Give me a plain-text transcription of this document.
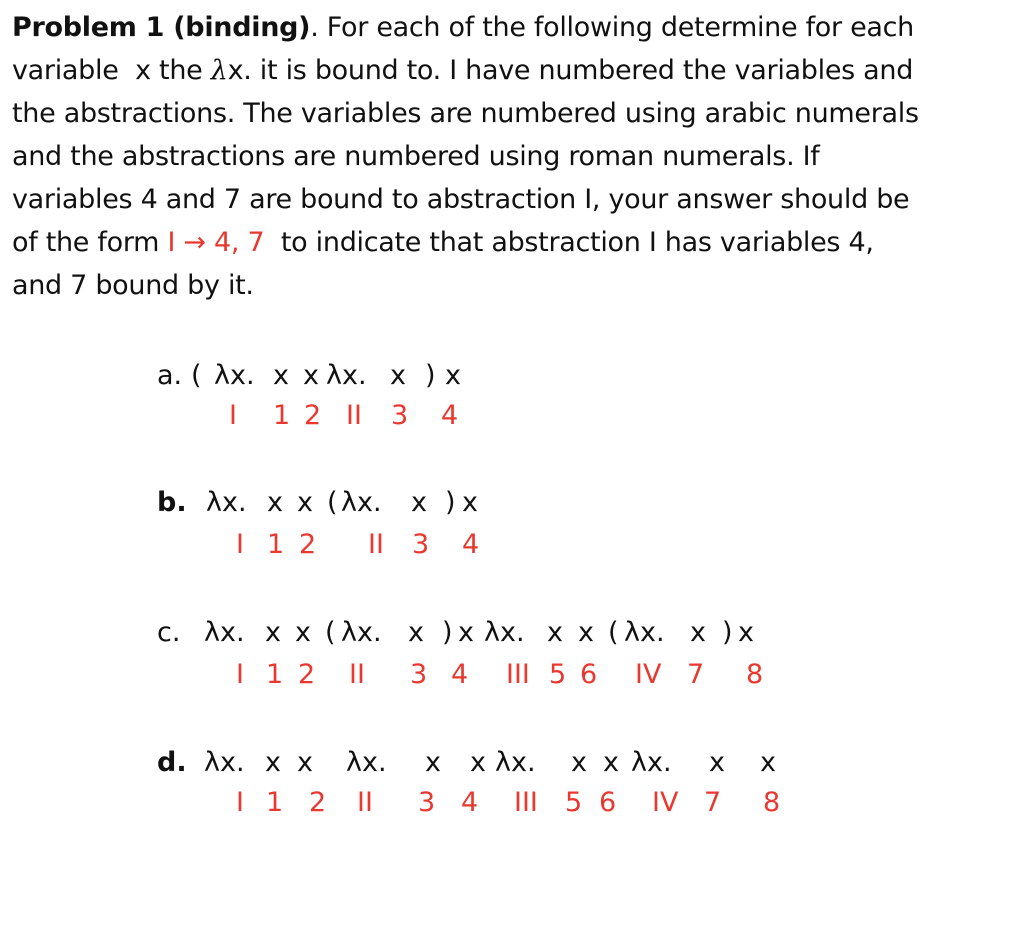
Problem 1 (binding). For each of the following determine for each
variable  x the λx. it is bound to. I have numbered the variables and
the abstractions. The variables are numbered using arabic numerals
and the abstractions are numbered using roman numerals. If
variables 4 and 7 are bound to abstraction I, your answer should be
of the form I → 4, 7  to indicate that abstraction I has variables 4,
and 7 bound by it.
a. ( λx. x x λx. x ) x
I 1 2 II 3 4
b. λx. x x ( λx. x ) x
I 1 2 II 3 4
c. λx. x x ( λx. x ) x λx. x x ( λx. x ) x
I 1 2 II 3 4 III 5 6 IV 7 8
d. λx. x x λx. x x λx. x x λx. x x
I 1 2 II 3 4 III 5 6 IV 7 8
